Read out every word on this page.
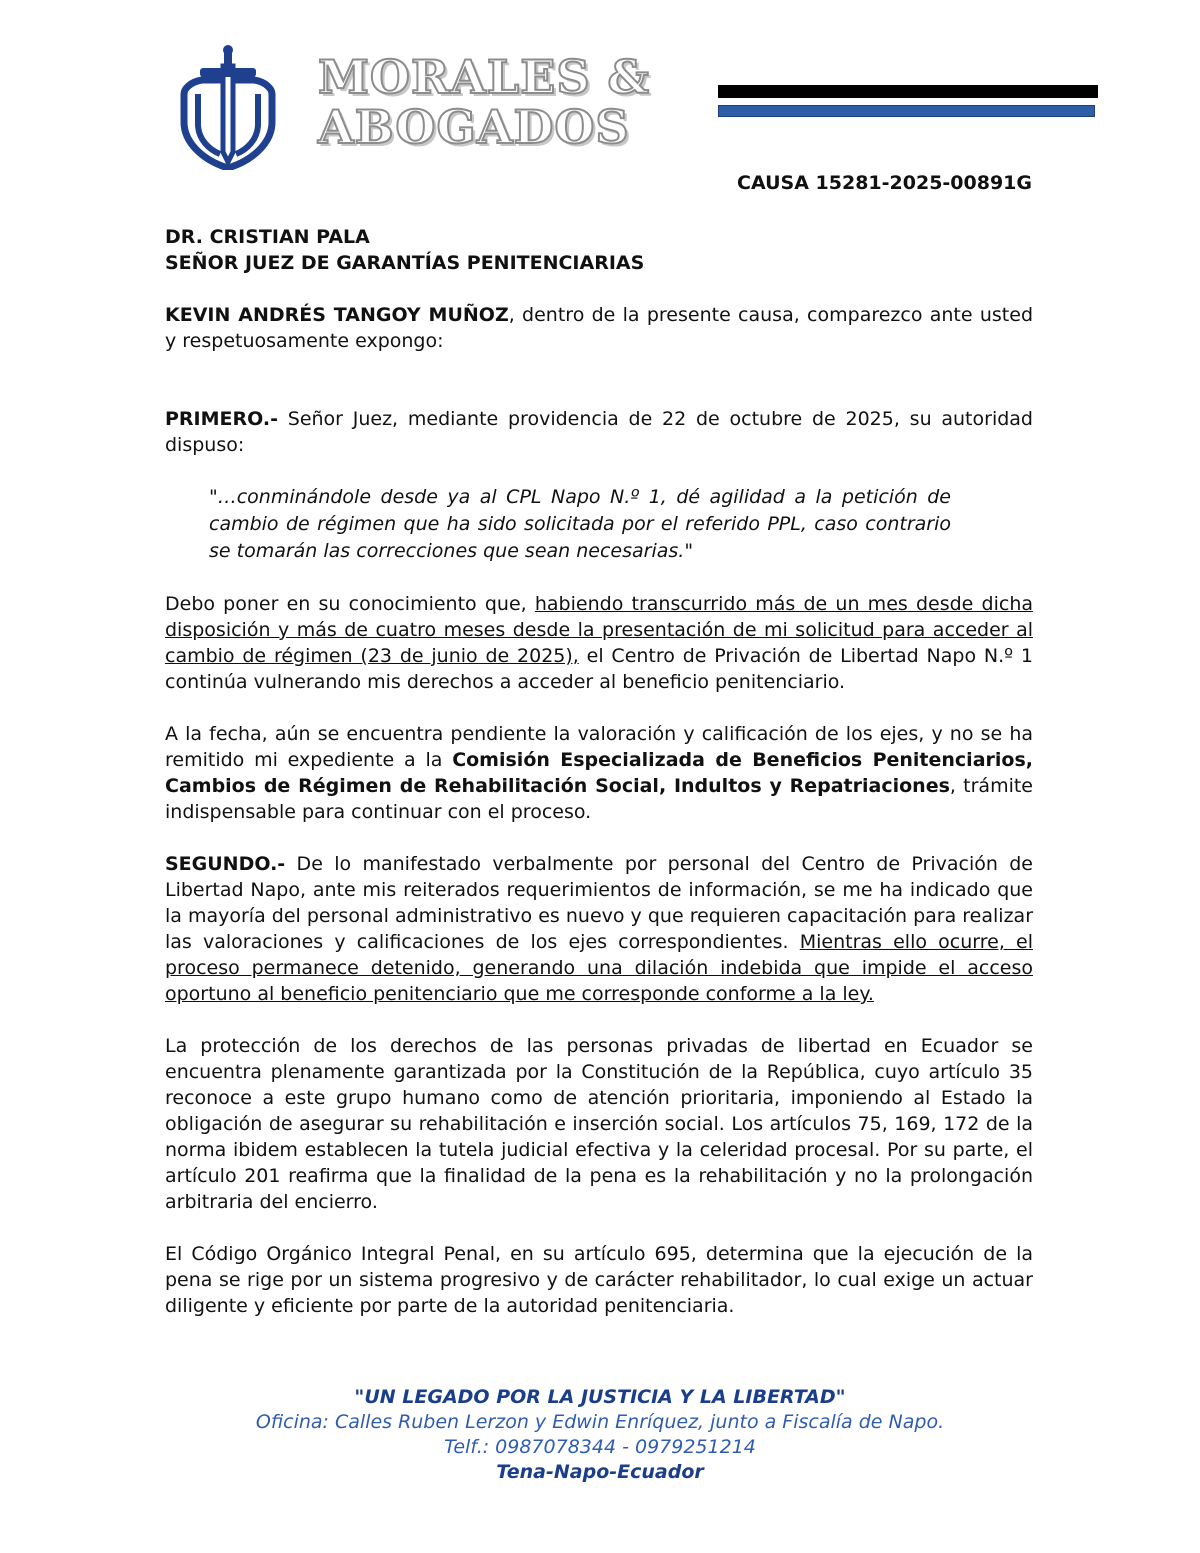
MORALES &
ABOGADOS
CAUSA 15281-2025-00891G
DR. CRISTIAN PALA
SEÑOR JUEZ DE GARANTÍAS PENITENCIARIAS

KEVIN ANDRÉS TANGOY MUÑOZ, dentro de la presente causa, comparezco ante usted y respetuosamente expongo:

PRIMERO.- Señor Juez, mediante providencia de 22 de octubre de 2025, su autoridad dispuso:

"…conminándole desde ya al CPL Napo N.º 1, dé agilidad a la petición de cambio de régimen que ha sido solicitada por el referido PPL, caso contrario se tomarán las correcciones que sean necesarias."

Debo poner en su conocimiento que, habiendo transcurrido más de un mes desde dicha disposición y más de cuatro meses desde la presentación de mi solicitud para acceder al cambio de régimen (23 de junio de 2025), el Centro de Privación de Libertad Napo N.º 1 continúa vulnerando mis derechos a acceder al beneficio penitenciario.

A la fecha, aún se encuentra pendiente la valoración y calificación de los ejes, y no se ha remitido mi expediente a la Comisión Especializada de Beneficios Penitenciarios, Cambios de Régimen de Rehabilitación Social, Indultos y Repatriaciones, trámite indispensable para continuar con el proceso.

SEGUNDO.- De lo manifestado verbalmente por personal del Centro de Privación de Libertad Napo, ante mis reiterados requerimientos de información, se me ha indicado que la mayoría del personal administrativo es nuevo y que requieren capacitación para realizar las valoraciones y calificaciones de los ejes correspondientes. Mientras ello ocurre, el proceso permanece detenido, generando una dilación indebida que impide el acceso oportuno al beneficio penitenciario que me corresponde conforme a la ley.

La protección de los derechos de las personas privadas de libertad en Ecuador se encuentra plenamente garantizada por la Constitución de la República, cuyo artículo 35 reconoce a este grupo humano como de atención prioritaria, imponiendo al Estado la obligación de asegurar su rehabilitación e inserción social. Los artículos 75, 169, 172 de la norma ibidem establecen la tutela judicial efectiva y la celeridad procesal. Por su parte, el artículo 201 reafirma que la finalidad de la pena es la rehabilitación y no la prolongación arbitraria del encierro.

El Código Orgánico Integral Penal, en su artículo 695, determina que la ejecución de la pena se rige por un sistema progresivo y de carácter rehabilitador, lo cual exige un actuar diligente y eficiente por parte de la autoridad penitenciaria.

"UN LEGADO POR LA JUSTICIA Y LA LIBERTAD"
Oficina: Calles Ruben Lerzon y Edwin Enríquez, junto a Fiscalía de Napo.
Telf.: 0987078344 - 0979251214
Tena-Napo-Ecuador
